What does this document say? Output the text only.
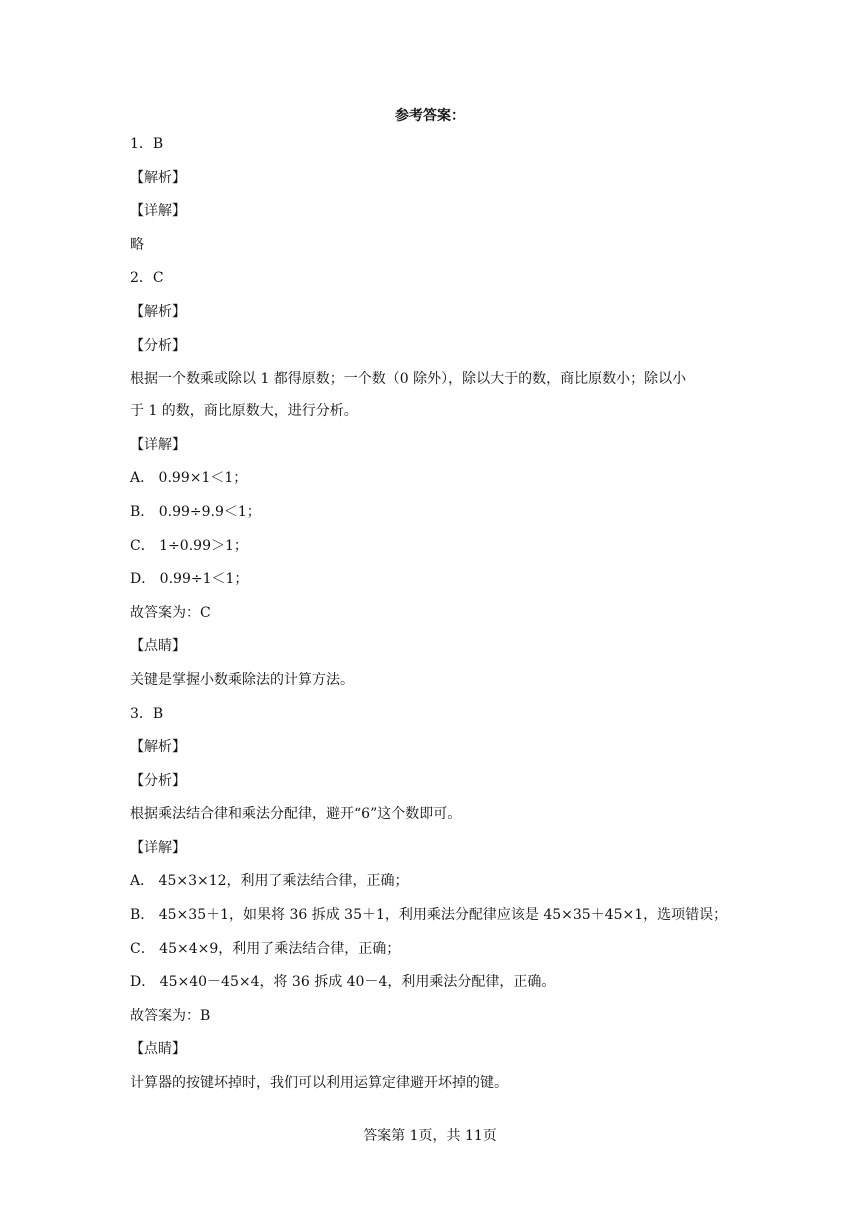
参考答案：
1．B
【解析】
【详解】
略
2．C
【解析】
【分析】
根据一个数乘或除以 1 都得原数；一个数（0 除外），除以大于的数，商比原数小；除以小
于 1 的数，商比原数大，进行分析。
【详解】
A． 0.99×1＜1；
B． 0.99÷9.9＜1；
C． 1÷0.99＞1；
D． 0.99÷1＜1；
故答案为：C
【点睛】
关键是掌握小数乘除法的计算方法。
3．B
【解析】
【分析】
根据乘法结合律和乘法分配律，避开“6”这个数即可。
【详解】
A． 45×3×12，利用了乘法结合律，正确；
B． 45×35＋1，如果将 36 拆成 35＋1，利用乘法分配律应该是 45×35＋45×1，选项错误；
C． 45×4×9，利用了乘法结合律，正确；
D． 45×40－45×4，将 36 拆成 40－4，利用乘法分配律，正确。
故答案为：B
【点睛】
计算器的按键坏掉时，我们可以利用运算定律避开坏掉的键。
答案第 1页，共 11页
